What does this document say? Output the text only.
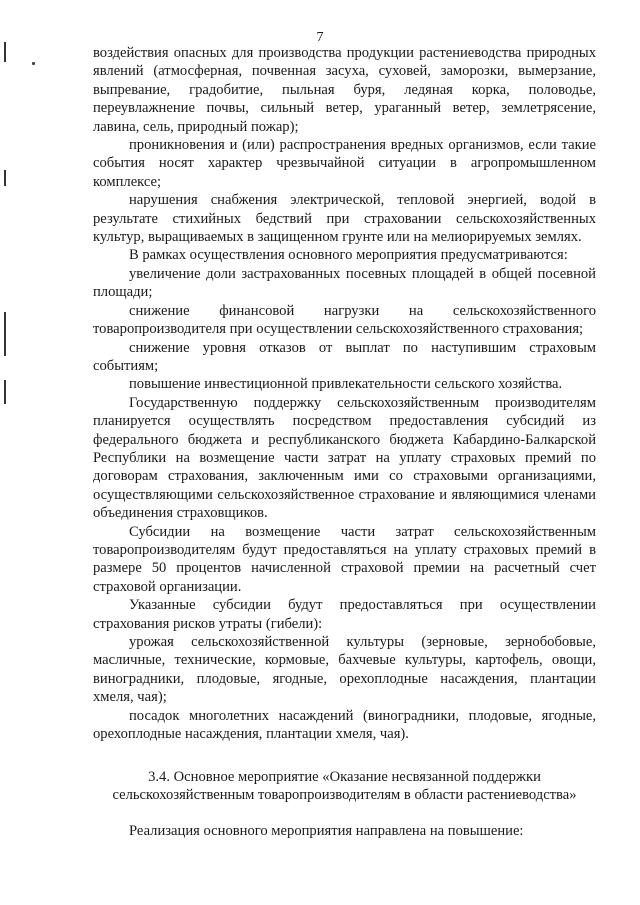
7

воздействия опасных для производства продукции растениеводства природных явлений (атмосферная, почвенная засуха, суховей, заморозки, вымерзание, выпревание, градобитие, пыльная буря, ледяная корка, половодье, переувлажнение почвы, сильный ветер, ураганный ветер, землетрясение, лавина, сель, природный пожар);

проникновения и (или) распространения вредных организмов, если такие события носят характер чрезвычайной ситуации в агропромышленном комплексе;

нарушения снабжения электрической, тепловой энергией, водой в результате стихийных бедствий при страховании сельскохозяйственных культур, выращиваемых в защищенном грунте или на мелиорируемых землях.

В рамках осуществления основного мероприятия предусматриваются:

увеличение доли застрахованных посевных площадей в общей посевной площади;

снижение финансовой нагрузки на сельскохозяйственного товаропроизводителя при осуществлении сельскохозяйственного страхования;

снижение уровня отказов от выплат по наступившим страховым событиям;

повышение инвестиционной привлекательности сельского хозяйства.

Государственную поддержку сельскохозяйственным производителям планируется осуществлять посредством предоставления субсидий из федерального бюджета и республиканского бюджета Кабардино-Балкарской Республики на возмещение части затрат на уплату страховых премий по договорам страхования, заключенным ими со страховыми организациями, осуществляющими сельскохозяйственное страхование и являющимися членами объединения страховщиков.

Субсидии на возмещение части затрат сельскохозяйственным товаропроизводителям будут предоставляться на уплату страховых премий в размере 50 процентов начисленной страховой премии на расчетный счет страховой организации.

Указанные субсидии будут предоставляться при осуществлении страхования рисков утраты (гибели):

урожая сельскохозяйственной культуры (зерновые, зернобобовые, масличные, технические, кормовые, бахчевые культуры, картофель, овощи, виноградники, плодовые, ягодные, орехоплодные насаждения, плантации хмеля, чая);

посадок многолетних насаждений (виноградники, плодовые, ягодные, орехоплодные насаждения, плантации хмеля, чая).

3.4. Основное мероприятие «Оказание несвязанной поддержки сельскохозяйственным товаропроизводителям в области растениеводства»

Реализация основного мероприятия направлена на повышение:
